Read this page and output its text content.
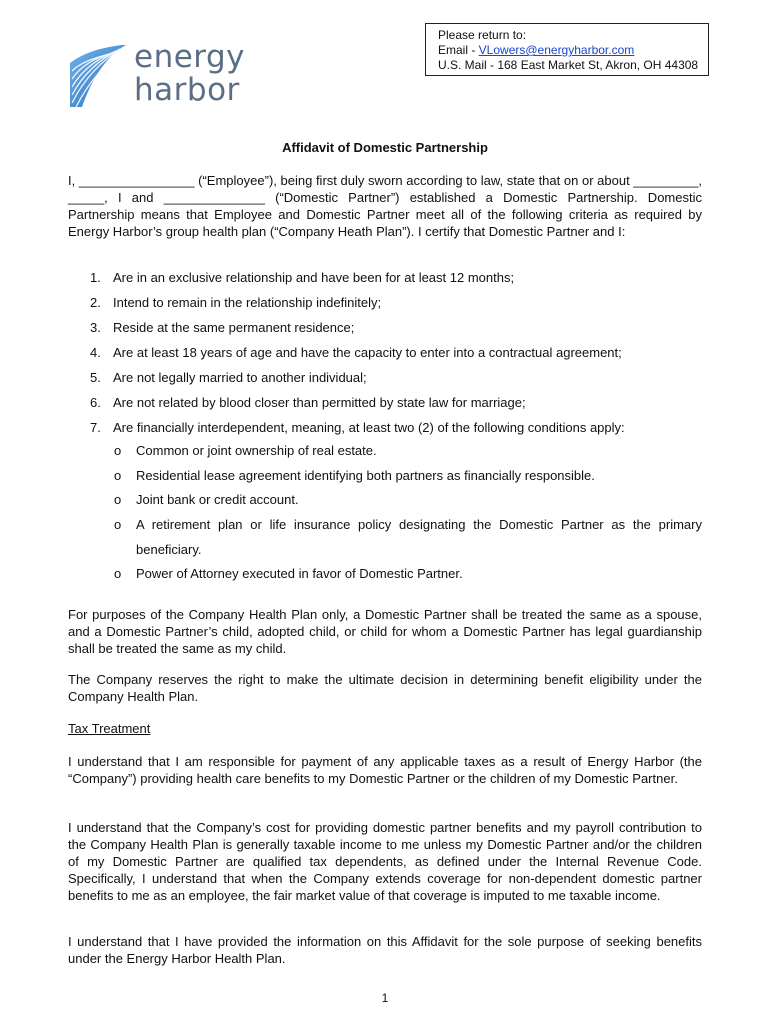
energy
harbor
Please return to:
Email - VLowers@energyharbor.com
U.S. Mail - 168 East Market St, Akron, OH 44308
Affidavit of Domestic Partnership
I, ________________ (“Employee”), being first duly sworn according to law, state that on or about _________, _____, I and ______________ (“Domestic Partner”) established a Domestic Partnership. Domestic Partnership means that Employee and Domestic Partner meet all of the following criteria as required by Energy Harbor’s group health plan (“Company Heath Plan”). I certify that Domestic Partner and I:
1. Are in an exclusive relationship and have been for at least 12 months;
2. Intend to remain in the relationship indefinitely;
3. Reside at the same permanent residence;
4. Are at least 18 years of age and have the capacity to enter into a contractual agreement;
5. Are not legally married to another individual;
6. Are not related by blood closer than permitted by state law for marriage;
7. Are financially interdependent, meaning, at least two (2) of the following conditions apply:
o Common or joint ownership of real estate.
o Residential lease agreement identifying both partners as financially responsible.
o Joint bank or credit account.
o A retirement plan or life insurance policy designating the Domestic Partner as the primary beneficiary.
o Power of Attorney executed in favor of Domestic Partner.
For purposes of the Company Health Plan only, a Domestic Partner shall be treated the same as a spouse, and a Domestic Partner’s child, adopted child, or child for whom a Domestic Partner has legal guardianship shall be treated the same as my child.
The Company reserves the right to make the ultimate decision in determining benefit eligibility under the Company Health Plan.
Tax Treatment
I understand that I am responsible for payment of any applicable taxes as a result of Energy Harbor (the “Company”) providing health care benefits to my Domestic Partner or the children of my Domestic Partner.
I understand that the Company’s cost for providing domestic partner benefits and my payroll contribution to the Company Health Plan is generally taxable income to me unless my Domestic Partner and/or the children of my Domestic Partner are qualified tax dependents, as defined under the Internal Revenue Code. Specifically, I understand that when the Company extends coverage for non-dependent domestic partner benefits to me as an employee, the fair market value of that coverage is imputed to me taxable income.
I understand that I have provided the information on this Affidavit for the sole purpose of seeking benefits under the Energy Harbor Health Plan.
1
